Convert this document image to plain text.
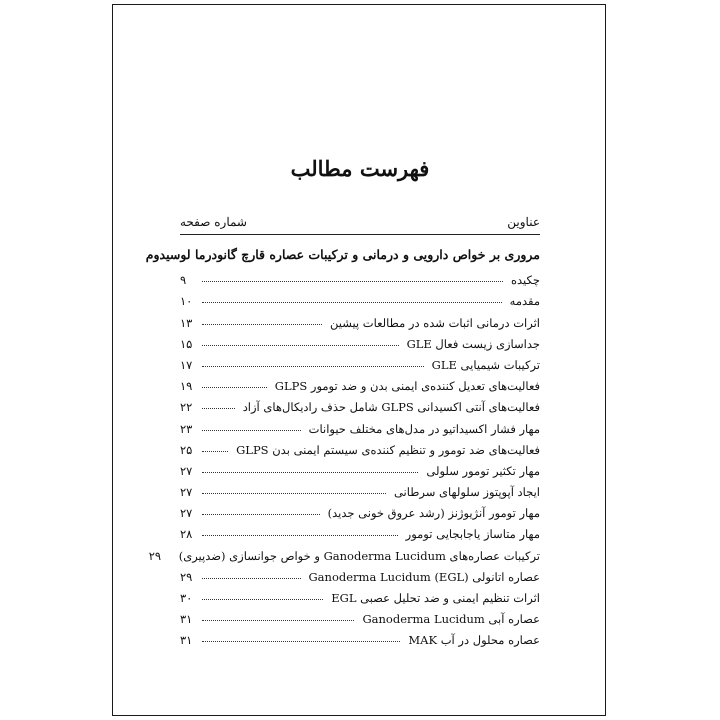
فهرست مطالب
عناوین
شماره صفحه
مروری بر خواص دارویی و درمانی و ترکیبات عصاره قارچ گانودرما لوسیدوم
چکیده
۹
مقدمه
۱۰
اثرات درمانی اثبات شده در مطالعات پیشین
۱۳
جداسازی زیست فعال GLE
۱۵
ترکیبات شیمیایی GLE
۱۷
فعالیت‌های تعدیل کننده‌ی ایمنی بدن و ضد تومور GLPS
۱۹
فعالیت‌های آنتی اکسیدانی GLPS شامل حذف رادیکال‌های آزاد
۲۲
مهار فشار اکسیداتیو در مدل‌های مختلف حیوانات
۲۳
فعالیت‌های ضد تومور و تنظیم کننده‌ی سیستم ایمنی بدن GLPS
۲۵
مهار تکثیر تومور سلولی
۲۷
ایجاد آپوپتوز سلولهای سرطانی
۲۷
مهار تومور آنژیوژنز (رشد عروق خونی جدید)
۲۷
مهار متاساز یاجابجایی تومور
۲۸
ترکیبات عصاره‌های Ganoderma Lucidum و خواص جوانسازی (ضدپیری)
۲۹
عصاره اتانولی Ganoderma Lucidum (EGL)
۲۹
اثرات تنظیم ایمنی و ضد تحلیل عصبی EGL
۳۰
عصاره آبی Ganoderma Lucidum
۳۱
عصاره محلول در آب MAK
۳۱
